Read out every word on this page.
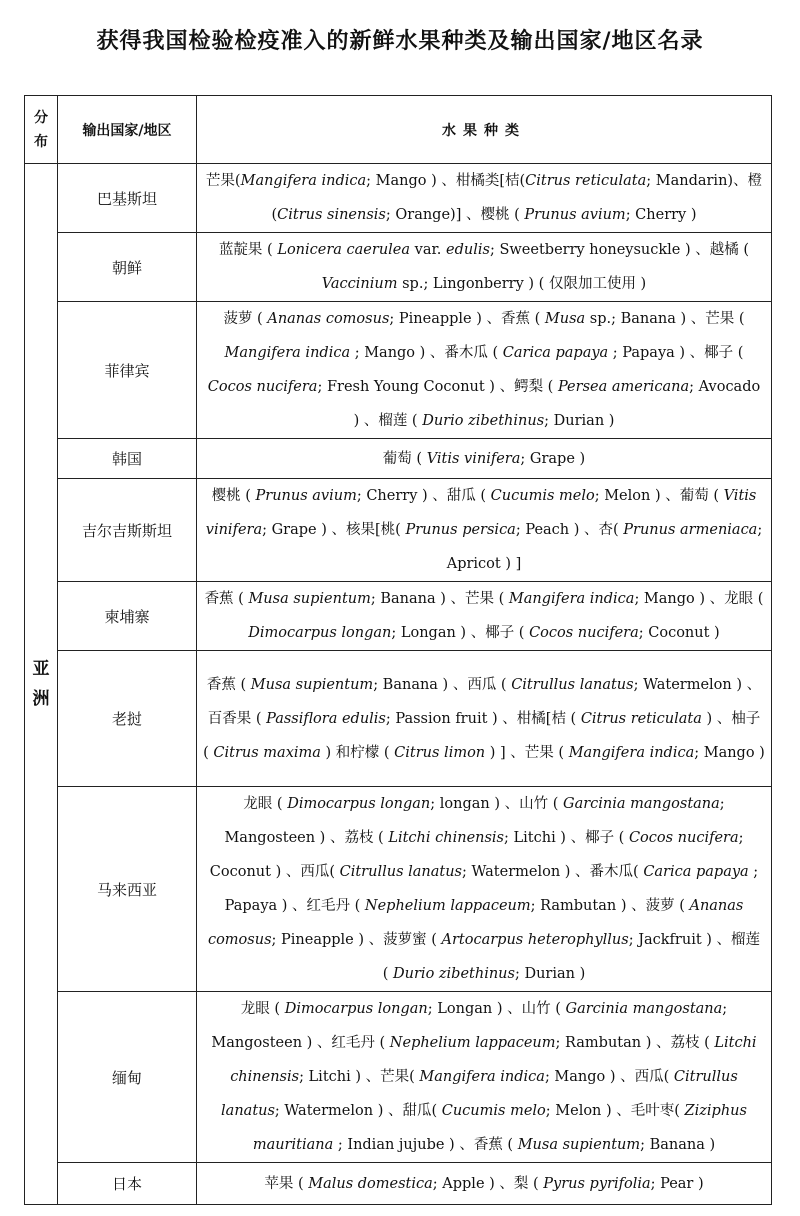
获得我国检验检疫准入的新鲜水果种类及输出国家/地区名录
分布	输出国家/地区	水果种类
亚洲	巴基斯坦	芒果(Mangifera indica; Mango ) 、柑橘类[桔(Citrus reticulata; Mandarin)、橙(Citrus sinensis; Orange)] 、樱桃 ( Prunus avium; Cherry )
	朝鲜	蓝靛果 ( Lonicera caerulea var. edulis; Sweetberry honeysuckle ) 、越橘 ( Vaccinium sp.; Lingonberry ) ( 仅限加工使用 )
	菲律宾	菠萝 ( Ananas comosus; Pineapple ) 、香蕉 ( Musa sp.; Banana ) 、芒果 ( Mangifera indica ; Mango ) 、番木瓜 ( Carica papaya ; Papaya ) 、椰子 ( Cocos nucifera; Fresh Young Coconut ) 、鳄梨 ( Persea americana; Avocado ) 、榴莲 ( Durio zibethinus; Durian )
	韩国	葡萄 ( Vitis vinifera; Grape )
	吉尔吉斯斯坦	樱桃 ( Prunus avium; Cherry ) 、甜瓜 ( Cucumis melo; Melon ) 、葡萄 ( Vitis vinifera; Grape ) 、核果[桃( Prunus persica; Peach ) 、杏( Prunus armeniaca; Apricot ) ]
	柬埔寨	香蕉 ( Musa supientum; Banana ) 、芒果 ( Mangifera indica; Mango ) 、龙眼 ( Dimocarpus longan; Longan ) 、椰子 ( Cocos nucifera; Coconut )
	老挝	香蕉 ( Musa supientum; Banana ) 、西瓜 ( Citrullus lanatus; Watermelon ) 、百香果 ( Passiflora edulis; Passion fruit ) 、柑橘[桔 ( Citrus reticulata ) 、柚子 ( Citrus maxima ) 和柠檬 ( Citrus limon ) ] 、芒果 ( Mangifera indica; Mango )
	马来西亚	龙眼 ( Dimocarpus longan; longan ) 、山竹 ( Garcinia mangostana; Mangosteen ) 、荔枝 ( Litchi chinensis; Litchi ) 、椰子 ( Cocos nucifera; Coconut ) 、西瓜( Citrullus lanatus; Watermelon ) 、番木瓜( Carica papaya ; Papaya ) 、红毛丹 ( Nephelium lappaceum; Rambutan ) 、菠萝 ( Ananas comosus; Pineapple ) 、菠萝蜜 ( Artocarpus heterophyllus; Jackfruit ) 、榴莲 ( Durio zibethinus; Durian )
	缅甸	龙眼 ( Dimocarpus longan; Longan ) 、山竹 ( Garcinia mangostana; Mangosteen ) 、红毛丹 ( Nephelium lappaceum; Rambutan ) 、荔枝 ( Litchi chinensis; Litchi ) 、芒果( Mangifera indica; Mango ) 、西瓜( Citrullus lanatus; Watermelon ) 、甜瓜( Cucumis melo; Melon ) 、毛叶枣( Ziziphus mauritiana ; Indian jujube ) 、香蕉 ( Musa supientum; Banana )
	日本	苹果 ( Malus domestica; Apple ) 、梨 ( Pyrus pyrifolia; Pear )
